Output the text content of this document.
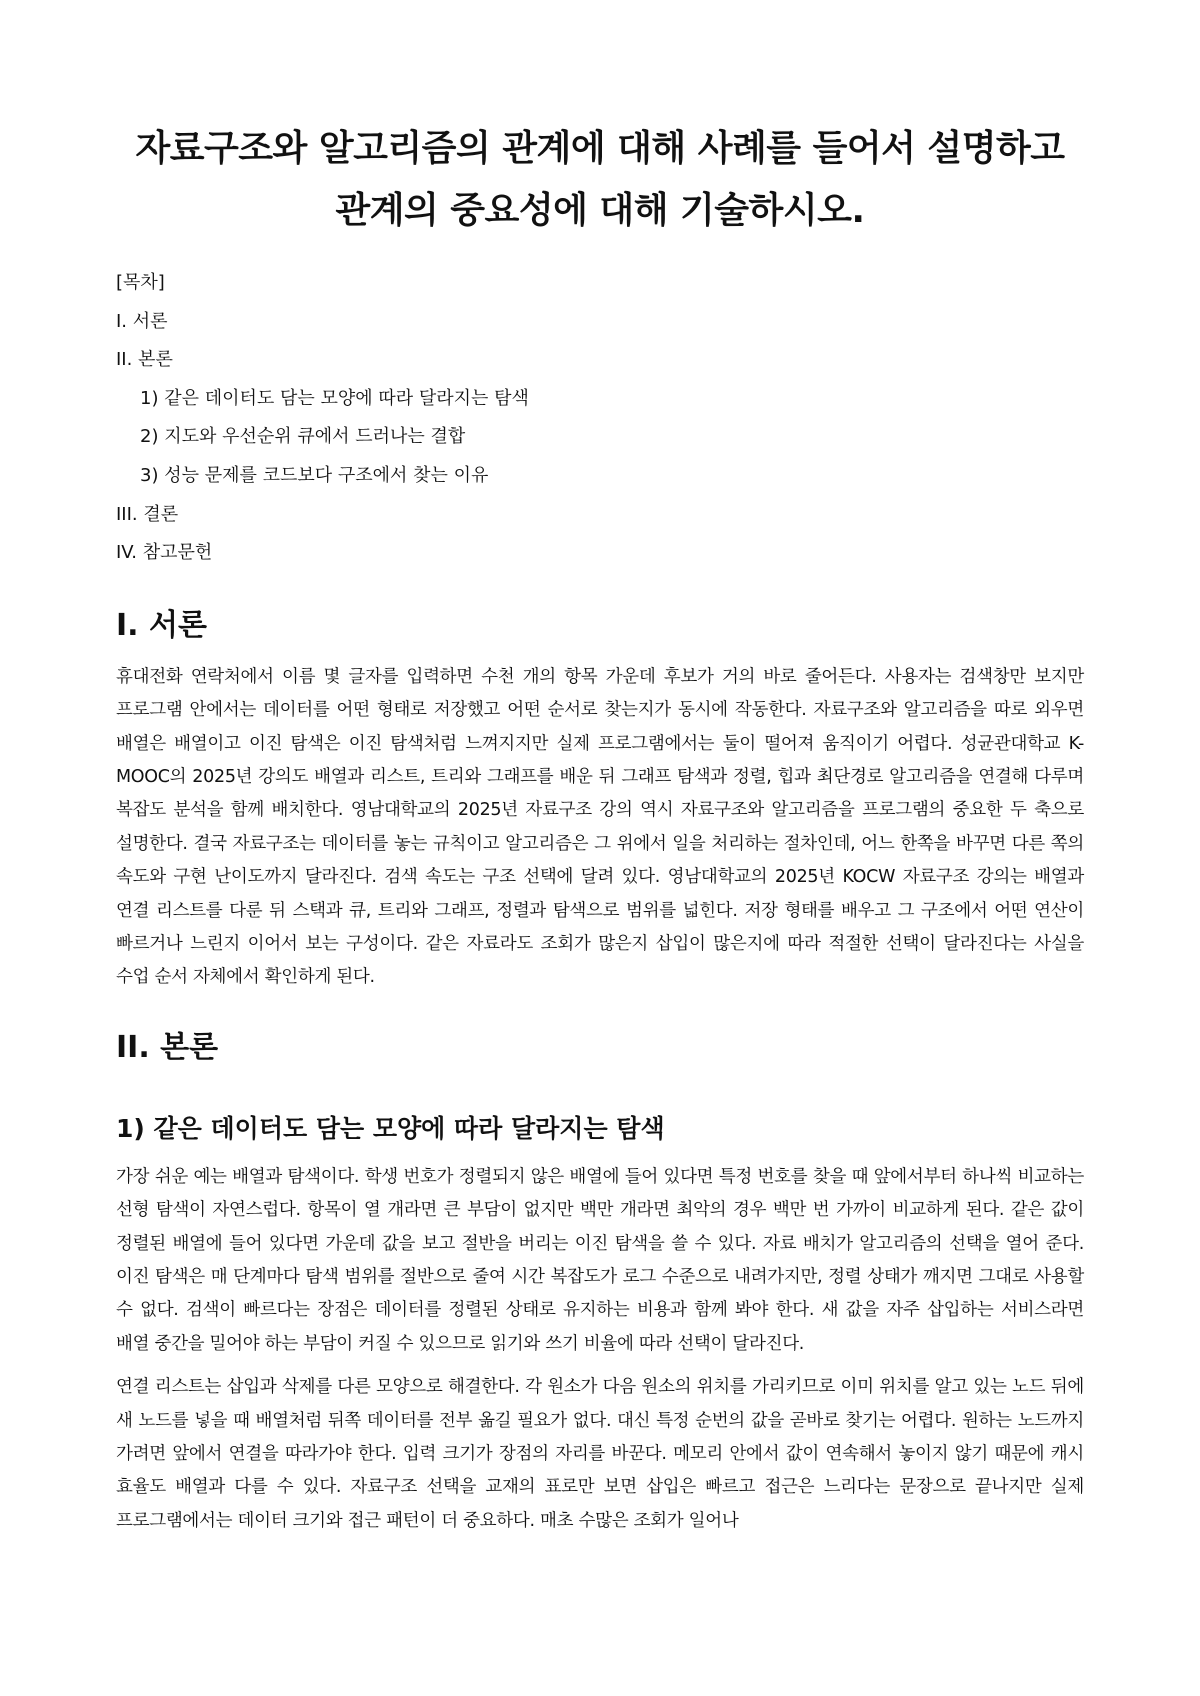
자료구조와 알고리즘의 관계에 대해 사례를 들어서 설명하고 관계의 중요성에 대해 기술하시오.
[목차]
I. 서론
II. 본론
1) 같은 데이터도 담는 모양에 따라 달라지는 탐색
2) 지도와 우선순위 큐에서 드러나는 결합
3) 성능 문제를 코드보다 구조에서 찾는 이유
III. 결론
IV. 참고문헌
I. 서론

휴대전화 연락처에서 이름 몇 글자를 입력하면 수천 개의 항목 가운데 후보가 거의 바로 줄어든다. 사용자는 검색창만 보지만 프로그램 안에서는 데이터를 어떤 형태로 저장했고 어떤 순서로 찾는지가 동시에 작동한다. 자료구조와 알고리즘을 따로 외우면 배열은 배열이고 이진 탐색은 이진 탐색처럼 느껴지지만 실제 프로그램에서는 둘이 떨어져 움직이기 어렵다. 성균관대학교 K-MOOC의 2025년 강의도 배열과 리스트, 트리와 그래프를 배운 뒤 그래프 탐색과 정렬, 힙과 최단경로 알고리즘을 연결해 다루며 복잡도 분석을 함께 배치한다. 영남대학교의 2025년 자료구조 강의 역시 자료구조와 알고리즘을 프로그램의 중요한 두 축으로 설명한다. 결국 자료구조는 데이터를 놓는 규칙이고 알고리즘은 그 위에서 일을 처리하는 절차인데, 어느 한쪽을 바꾸면 다른 쪽의 속도와 구현 난이도까지 달라진다. 검색 속도는 구조 선택에 달려 있다. 영남대학교의 2025년 KOCW 자료구조 강의는 배열과 연결 리스트를 다룬 뒤 스택과 큐, 트리와 그래프, 정렬과 탐색으로 범위를 넓힌다. 저장 형태를 배우고 그 구조에서 어떤 연산이 빠르거나 느린지 이어서 보는 구성이다. 같은 자료라도 조회가 많은지 삽입이 많은지에 따라 적절한 선택이 달라진다는 사실을 수업 순서 자체에서 확인하게 된다.

II. 본론
1) 같은 데이터도 담는 모양에 따라 달라지는 탐색

가장 쉬운 예는 배열과 탐색이다. 학생 번호가 정렬되지 않은 배열에 들어 있다면 특정 번호를 찾을 때 앞에서부터 하나씩 비교하는 선형 탐색이 자연스럽다. 항목이 열 개라면 큰 부담이 없지만 백만 개라면 최악의 경우 백만 번 가까이 비교하게 된다. 같은 값이 정렬된 배열에 들어 있다면 가운데 값을 보고 절반을 버리는 이진 탐색을 쓸 수 있다. 자료 배치가 알고리즘의 선택을 열어 준다. 이진 탐색은 매 단계마다 탐색 범위를 절반으로 줄여 시간 복잡도가 로그 수준으로 내려가지만, 정렬 상태가 깨지면 그대로 사용할 수 없다. 검색이 빠르다는 장점은 데이터를 정렬된 상태로 유지하는 비용과 함께 봐야 한다. 새 값을 자주 삽입하는 서비스라면 배열 중간을 밀어야 하는 부담이 커질 수 있으므로 읽기와 쓰기 비율에 따라 선택이 달라진다.

연결 리스트는 삽입과 삭제를 다른 모양으로 해결한다. 각 원소가 다음 원소의 위치를 가리키므로 이미 위치를 알고 있는 노드 뒤에 새 노드를 넣을 때 배열처럼 뒤쪽 데이터를 전부 옮길 필요가 없다. 대신 특정 순번의 값을 곧바로 찾기는 어렵다. 원하는 노드까지 가려면 앞에서 연결을 따라가야 한다. 입력 크기가 장점의 자리를 바꾼다. 메모리 안에서 값이 연속해서 놓이지 않기 때문에 캐시 효율도 배열과 다를 수 있다. 자료구조 선택을 교재의 표로만 보면 삽입은 빠르고 접근은 느리다는 문장으로 끝나지만 실제 프로그램에서는 데이터 크기와 접근 패턴이 더 중요하다. 매초 수많은 조회가 일어나
